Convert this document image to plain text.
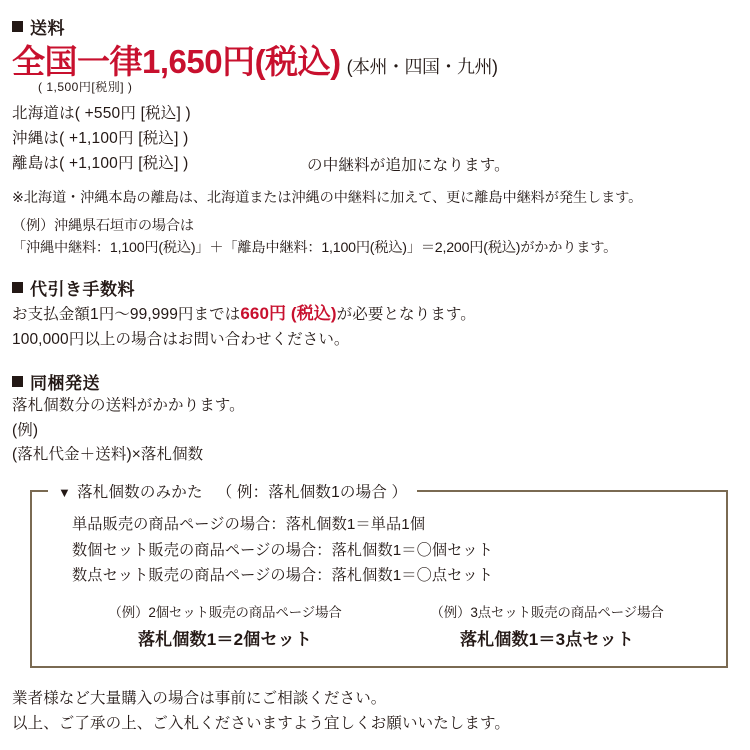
送料
全国一律1,650円(税込) (本州・四国・九州)
( 1,500円[税別] )
北海道は( +550円 [税込] )
沖縄は( +1,100円 [税込] )
離島は( +1,100円 [税込] )	の中継料が追加になります。
※北海道・沖縄本島の離島は、北海道または沖縄の中継料に加えて、更に離島中継料が発生します。
（例）沖縄県石垣市の場合は
「沖縄中継料：1,100円(税込)」＋「離島中継料：1,100円(税込)」＝2,200円(税込)がかかります。
代引き手数料
お支払金額1円〜99,999円までは660円 (税込)が必要となります。
100,000円以上の場合はお問い合わせください。
同梱発送
落札個数分の送料がかかります。
(例)
(落札代金＋送料)×落札個数
▼ 落札個数のみかた （ 例：落札個数1の場合 ）
単品販売の商品ページの場合：落札個数1＝単品1個
数個セット販売の商品ページの場合：落札個数1＝〇個セット
数点セット販売の商品ページの場合：落札個数1＝〇点セット
（例）2個セット販売の商品ページ場合
落札個数1＝2個セット
（例）3点セット販売の商品ページ場合
落札個数1＝3点セット
業者様など大量購入の場合は事前にご相談ください。
以上、ご了承の上、ご入札くださいますよう宜しくお願いいたします。
